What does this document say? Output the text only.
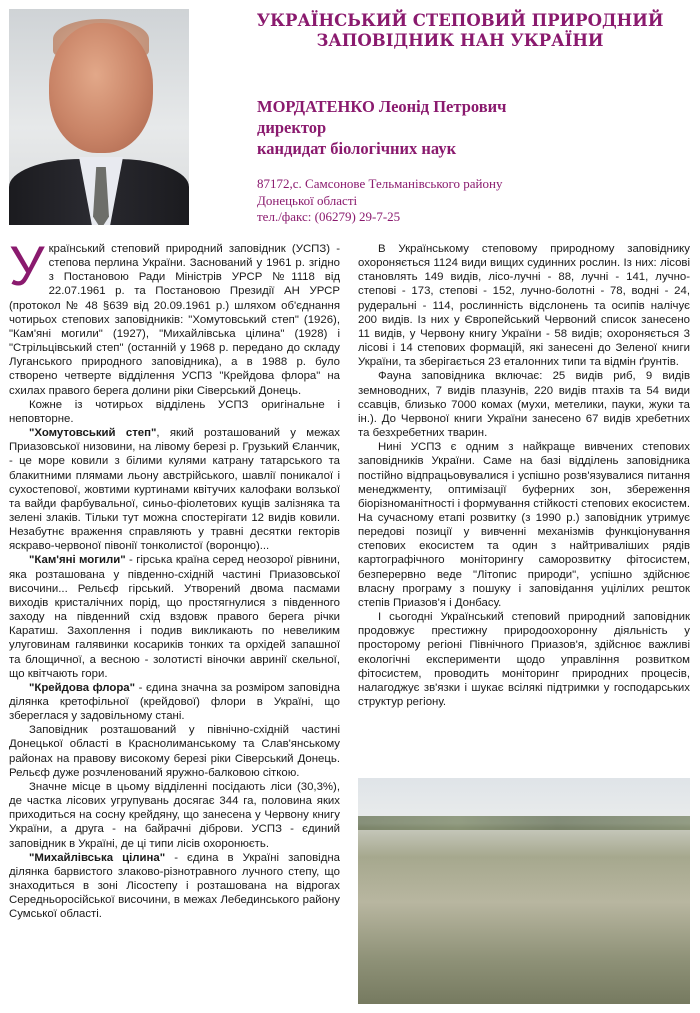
УКРАЇНСЬКИЙ СТЕПОВИЙ ПРИРОДНИЙ
ЗАПОВІДНИК НАН УКРАЇНИ
МОРДАТЕНКО Леонід Петрович
директор
кандидат біологічних наук
87172,с. Самсонове Тельманівського району
Донецької області
тел./факс: (06279) 29-7-25

Український степовий природний заповідник (УСПЗ) - степова перлина України. Заснований у 1961 р. згідно з Постановою Ради Міністрів УРСР №1118 від 22.07.1961 р. та Постановою Президії АН УРСР (протокол № 48 §639 від 20.09.1961 р.) шляхом об'єднання чотирьох степових заповідників: "Хомутовський степ" (1926), "Кам'яні могили" (1927), "Михайлівська цілина" (1928) і "Стрільцівський степ" (останній у 1968 р. передано до складу Луганського природного заповідника), а в 1988 р. було створено четверте відділення УСПЗ "Крейдова флора" на схилах правого берега долини ріки Сіверський Донець.

Кожне із чотирьох відділень УСПЗ оригінальне і неповторне.

"Хомутовський степ", який розташований у межах Приазовської низовини, на лівому березі р. Грузький Єланчик, - це море ковили з білими кулями катрану татарського та блакитними плямами льону австрійського, шавлії поникалої і сухостепової, жовтими куртинами квітучих калофаки волзької та вайди фарбувальної, синьо-фіолетових кущів залізняка та зелені злаків. Тільки тут можна спостерігати 12 видів ковили. Незабутнє враження справляють у травні десятки гекторів яскраво-червоної півонії тонколистої (воронцю)...

"Кам'яні могили" - гірська країна серед неозорої рівнини, яка розташована у південно-східній частині Приазовської височини... Рельєф гірський. Утворений двома пасмами виходів кристалічних порід, що простягнулися з південного заходу на південний схід вздовж правого берега річки Каратиш. Захоплення і подив викликають по невеликим улуговинам галявинки косариків тонких та орхідей запашної та блощичної, а весною - золотисті віночки авринії скельної, що квітчають гори.

"Крейдова флора" - єдина значна за розміром заповідна ділянка кретофільної (крейдової) флори в Україні, що збереглася у задовільному стані.

Заповідник розташований у північно-східній частині Донецької області в Краснолиманському та Слав'янському районах на правову високому березі ріки Сіверський Донець. Рельєф дуже розчленований яружно-балковою сіткою.

Значне місце в цьому відділенні посідають ліси (30,3%), де частка лісових угрупувань досягає 344 га, половина яких приходиться на сосну крейдяну, що занесена у Червону книгу України, а друга - на байрачні діброви. УСПЗ - єдиний заповідник в Україні, де ці типи лісів охоронюєть.

"Михайлівська цілина" - єдина в Україні заповідна ділянка барвистого злаково-різнотравного лучного степу, що знаходиться в зоні Лісостепу і розташована на відрогах Середньоросійської височини, в межах Лебединського району Сумської області.

В Українському степовому природному заповіднику охороняється 1124 види вищих судинних рослин. Із них: лісові становлять 149 видів, лісо-лучні - 88, лучні - 141, лучно-степові - 173, степові - 152, лучно-болотні - 78, водні - 24, рудеральні - 114, рослинність відслонень та осипів налічує 200 видів. Із них у Європейський Червоний список занесено 11 видів, у Червону книгу України - 58 видів; охороняється 3 лісові і 14 степових формацій, які занесені до Зеленої книги України, та зберігається 23 еталонних типи та відмін ґрунтів.

Фауна заповідника включає: 25 видів риб, 9 видів земноводних, 7 видів плазунів, 220 видів птахів та 54 види ссавців, близько 7000 комах (мухи, метелики, пауки, жуки та ін.). До Червоної книги України занесено 67 видів хребетних та безхребетних тварин.

Нині УСПЗ є одним з найкраще вивчених степових заповідників України. Саме на базі відділень заповідника постійно відпрацьовувалися і успішно розв'язувалися питання менеджменту, оптимізації буферних зон, збереження біорізноманітності і формування стійкості степових екосистем. На сучасному етапі розвитку (з 1990 р.) заповідник утримує передові позиції у вивченні механізмів функціонування степових екосистем та один з найтриваліших рядів картографічного моніторингу саморозвитку фітосистем, безперервно веде "Літопис природи", успішно здійснює власну програму з пошуку і заповідання уцілілих решток степів Приазов'я і Донбасу.

І сьогодні Український степовий природний заповідник продовжує престижну природоохоронну діяльність у просторому регіоні Північного Приазов'я, здійснює важливі екологічні експерименти щодо управління розвитком фітосистем, проводить моніторинг природних процесів, налагоджує зв'язки і шукає всілякі підтримки у господарських структур регіону.
